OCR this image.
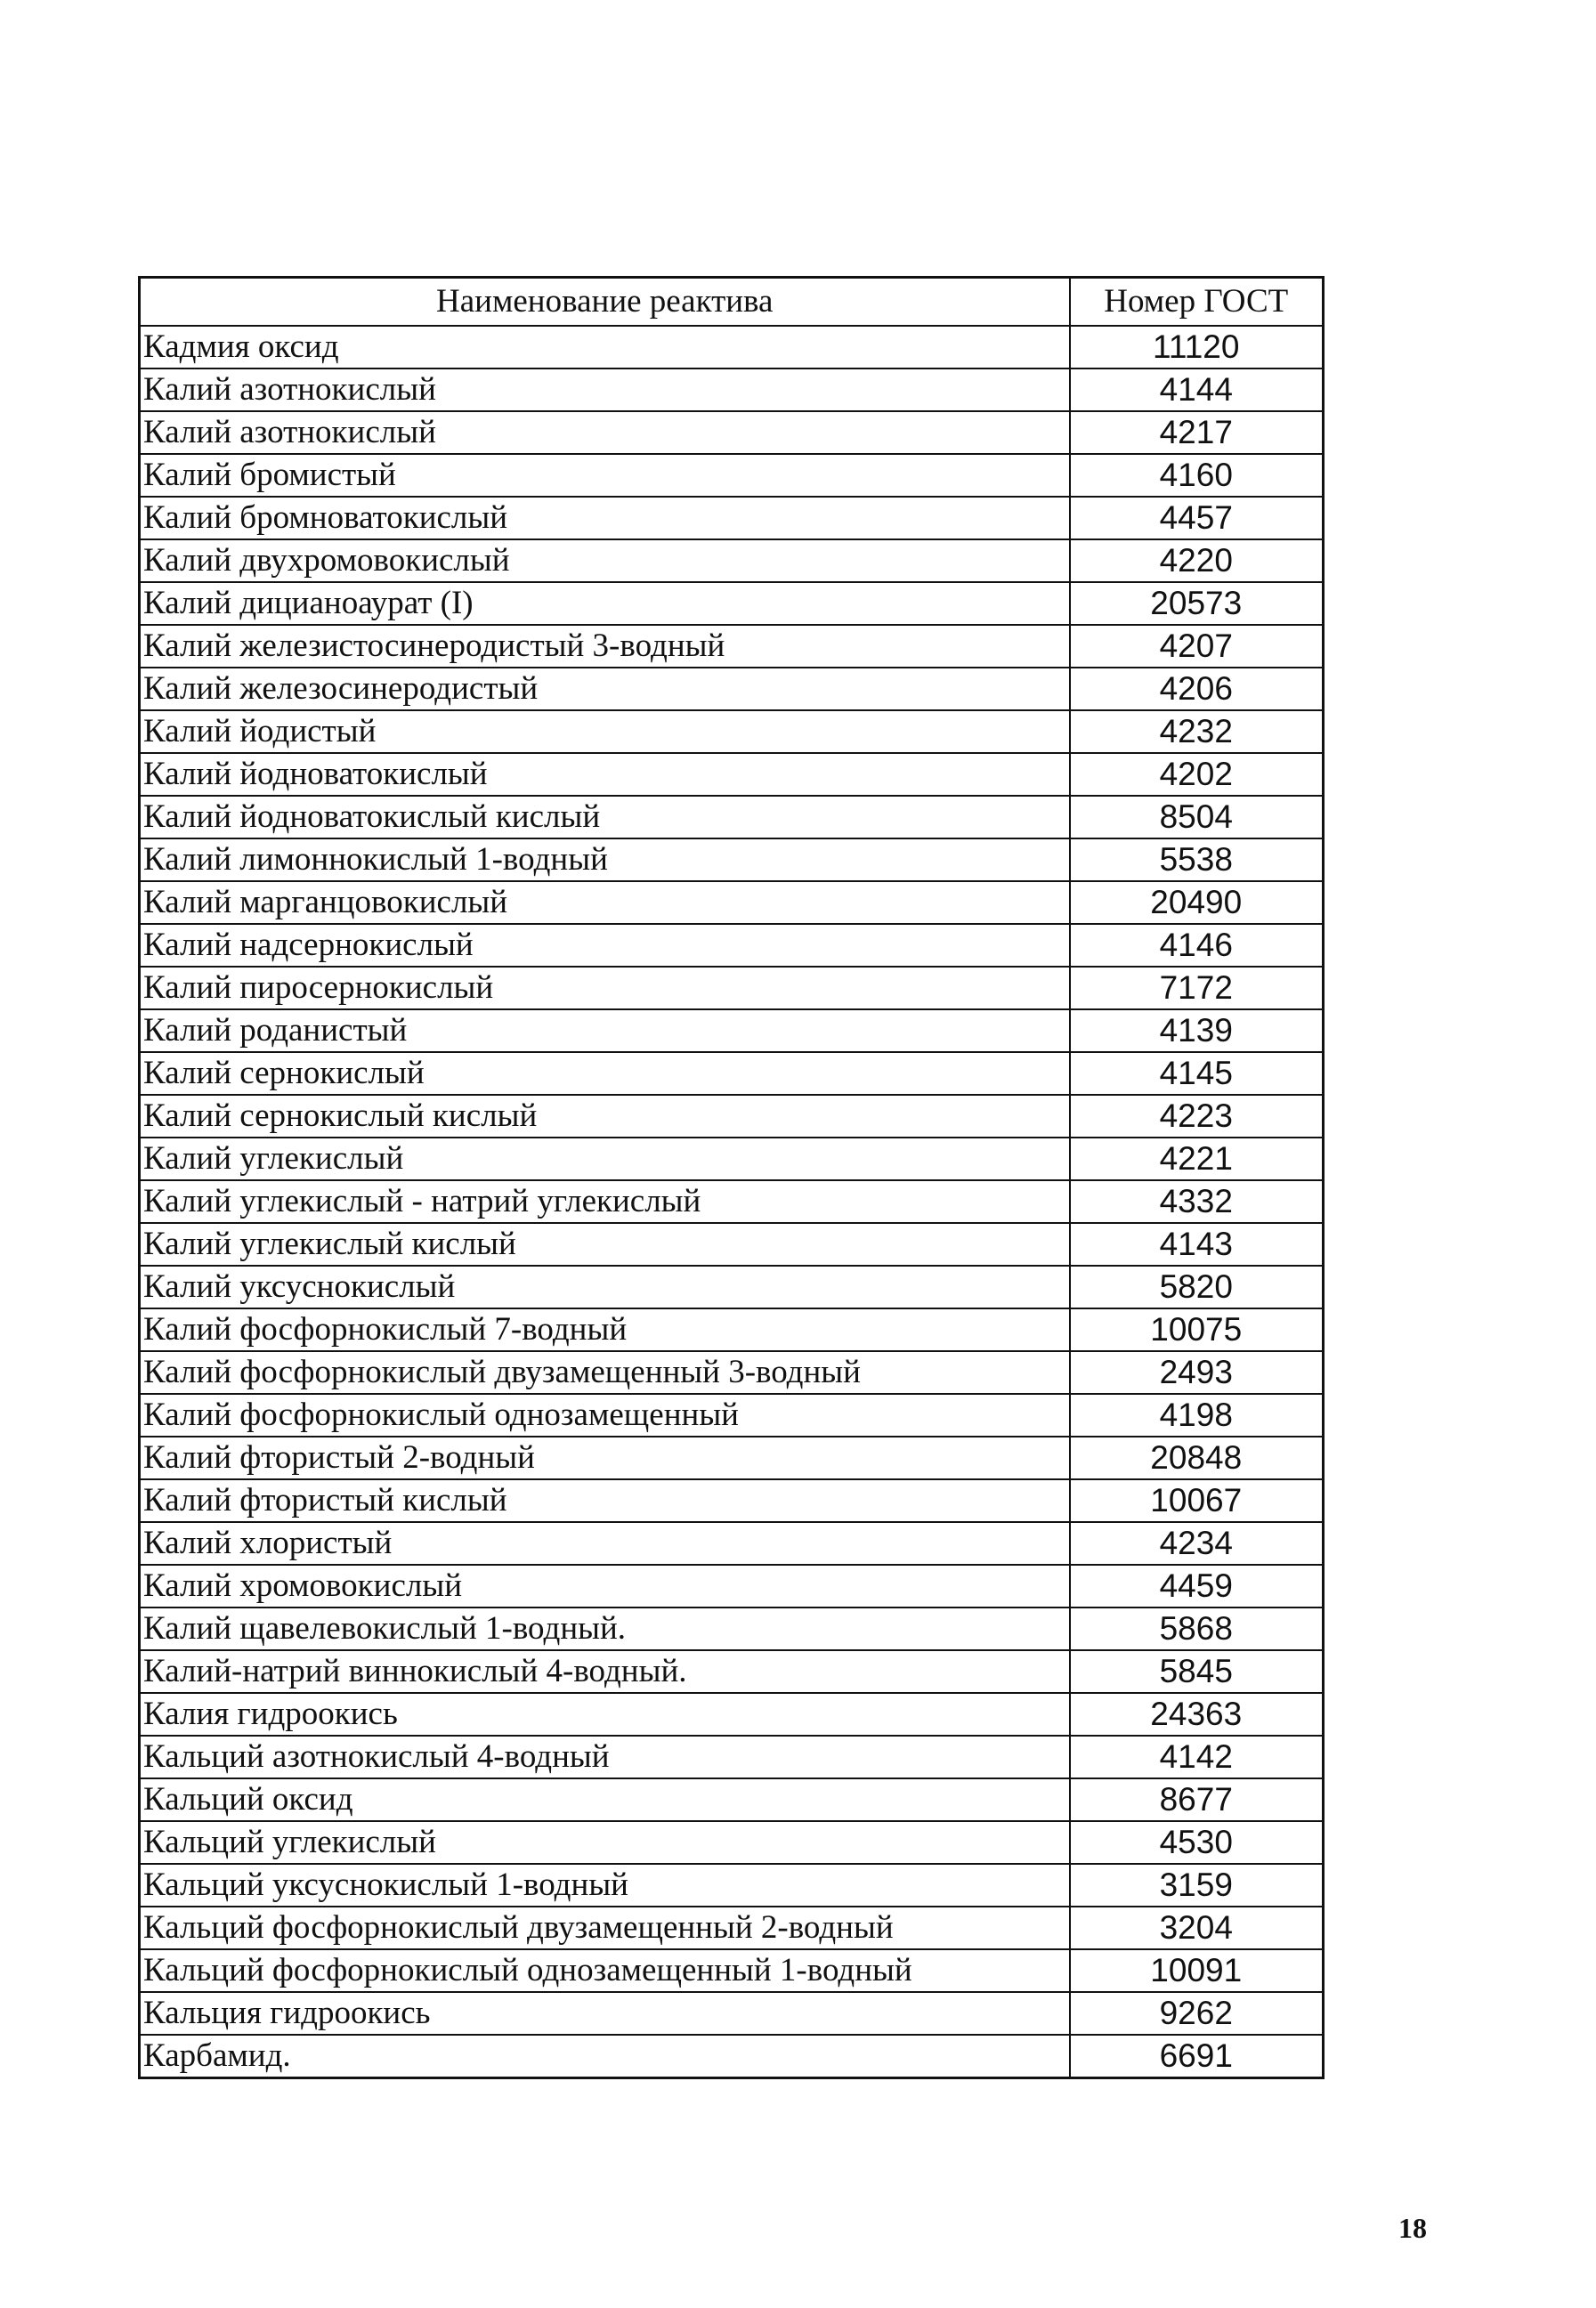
Наименование реактива	Номер ГОСТ
Кадмия оксид	11120
Калий азотнокислый	4144
Калий азотнокислый	4217
Калий бромистый	4160
Калий бромноватокислый	4457
Калий двухромовокислый	4220
Калий дицианоаурат (I)	20573
Калий железистосинеродистый 3-водный	4207
Калий железосинеродистый	4206
Калий йодистый	4232
Калий йодноватокислый	4202
Калий йодноватокислый кислый	8504
Калий лимоннокислый 1-водный	5538
Калий марганцовокислый	20490
Калий надсернокислый	4146
Калий пиросернокислый	7172
Калий роданистый	4139
Калий сернокислый	4145
Калий сернокислый кислый	4223
Калий углекислый	4221
Калий углекислый - натрий углекислый	4332
Калий углекислый кислый	4143
Калий уксуснокислый	5820
Калий фосфорнокислый 7-водный	10075
Калий фосфорнокислый двузамещенный 3-водный	2493
Калий фосфорнокислый однозамещенный	4198
Калий фтористый 2-водный	20848
Калий фтористый кислый	10067
Калий хлористый	4234
Калий хромовокислый	4459
Калий щавелевокислый 1-водный.	5868
Калий-натрий виннокислый 4-водный.	5845
Калия гидроокись	24363
Кальций азотнокислый 4-водный	4142
Кальций оксид	8677
Кальций углекислый	4530
Кальций уксуснокислый 1-водный	3159
Кальций фосфорнокислый двузамещенный 2-водный	3204
Кальций фосфорнокислый однозамещенный 1-водный	10091
Кальция гидроокись	9262
Карбамид.	6691
18
